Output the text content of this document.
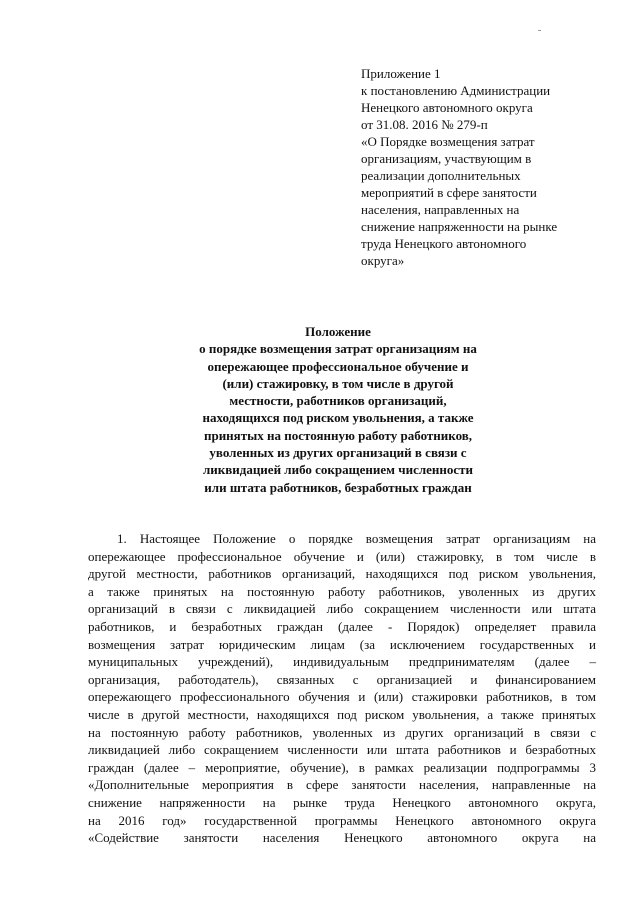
Приложение 1
к постановлению Администрации
Ненецкого автономного округа
от 31.08. 2016 № 279-п
«О Порядке возмещения затрат
организациям, участвующим в
реализации дополнительных
мероприятий в сфере занятости
населения, направленных на
снижение напряженности на рынке
труда Ненецкого автономного
округа»
Положение
о порядке возмещения затрат организациям на
опережающее профессиональное обучение и
(или) стажировку, в том числе в другой
местности, работников организаций,
находящихся под риском увольнения, а также
принятых на постоянную работу работников,
уволенных из других организаций в связи с
ликвидацией либо сокращением численности
или штата работников, безработных граждан
1. Настоящее Положение о порядке возмещения затрат организациям на
опережающее профессиональное обучение и (или) стажировку, в том числе в
другой местности, работников организаций, находящихся под риском увольнения,
а также принятых на постоянную работу работников, уволенных из других
организаций в связи с ликвидацией либо сокращением численности или штата
работников, и безработных граждан (далее - Порядок) определяет правила
возмещения затрат юридическим лицам (за исключением государственных и
муниципальных учреждений), индивидуальным предпринимателям (далее –
организация, работодатель), связанных с организацией и финансированием
опережающего профессионального обучения и (или) стажировки работников, в том
числе в другой местности, находящихся под риском увольнения, а также принятых
на постоянную работу работников, уволенных из других организаций в связи с
ликвидацией либо сокращением численности или штата работников и безработных
граждан (далее – мероприятие, обучение), в рамках реализации подпрограммы 3
«Дополнительные мероприятия в сфере занятости населения, направленные на
снижение напряженности на рынке труда Ненецкого автономного округа,
на 2016 год» государственной программы Ненецкого автономного округа
«Содействие занятости населения Ненецкого автономного округа на
